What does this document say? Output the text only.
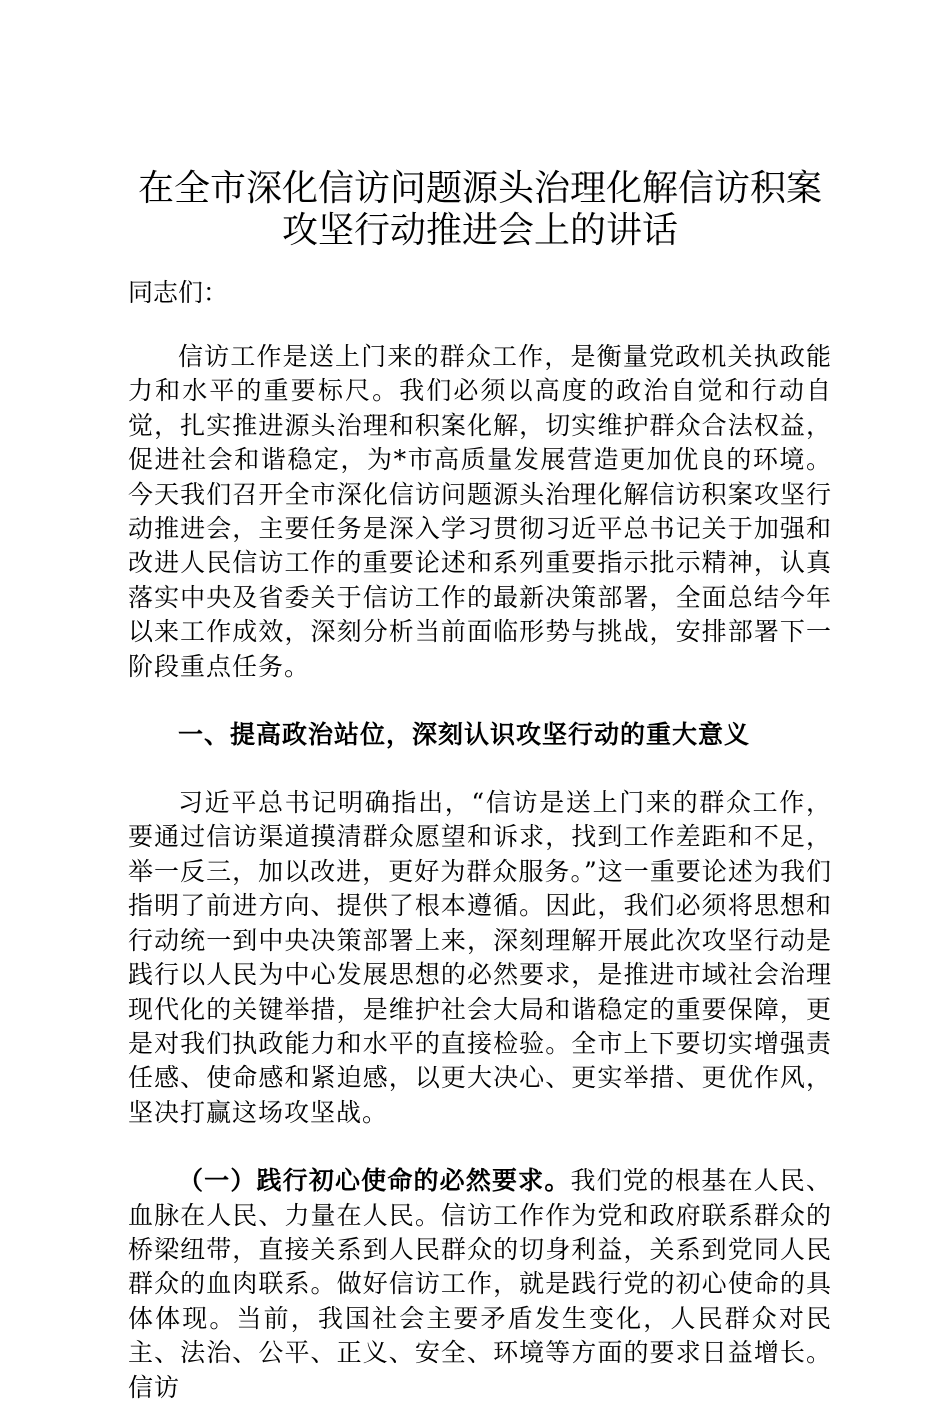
在全市深化信访问题源头治理化解信访积案攻坚行动推进会上的讲话

同志们：

信访工作是送上门来的群众工作，是衡量党政机关执政能力和水平的重要标尺。我们必须以高度的政治自觉和行动自觉，扎实推进源头治理和积案化解，切实维护群众合法权益，促进社会和谐稳定，为*市高质量发展营造更加优良的环境。今天我们召开全市深化信访问题源头治理化解信访积案攻坚行动推进会，主要任务是深入学习贯彻习近平总书记关于加强和改进人民信访工作的重要论述和系列重要指示批示精神，认真落实中央及省委关于信访工作的最新决策部署，全面总结今年以来工作成效，深刻分析当前面临形势与挑战，安排部署下一阶段重点任务。

一、提高政治站位，深刻认识攻坚行动的重大意义

习近平总书记明确指出，“信访是送上门来的群众工作，要通过信访渠道摸清群众愿望和诉求，找到工作差距和不足，举一反三，加以改进，更好为群众服务。”这一重要论述为我们指明了前进方向、提供了根本遵循。因此，我们必须将思想和行动统一到中央决策部署上来，深刻理解开展此次攻坚行动是践行以人民为中心发展思想的必然要求，是推进市域社会治理现代化的关键举措，是维护社会大局和谐稳定的重要保障，更是对我们执政能力和水平的直接检验。全市上下要切实增强责任感、使命感和紧迫感，以更大决心、更实举措、更优作风，坚决打赢这场攻坚战。

（一）践行初心使命的必然要求。我们党的根基在人民、血脉在人民、力量在人民。信访工作作为党和政府联系群众的桥梁纽带，直接关系到人民群众的切身利益，关系到党同人民群众的血肉联系。做好信访工作，就是践行党的初心使命的具体体现。当前，我国社会主要矛盾发生变化，人民群众对民主、法治、公平、正义、安全、环境等方面的要求日益增长。信访
